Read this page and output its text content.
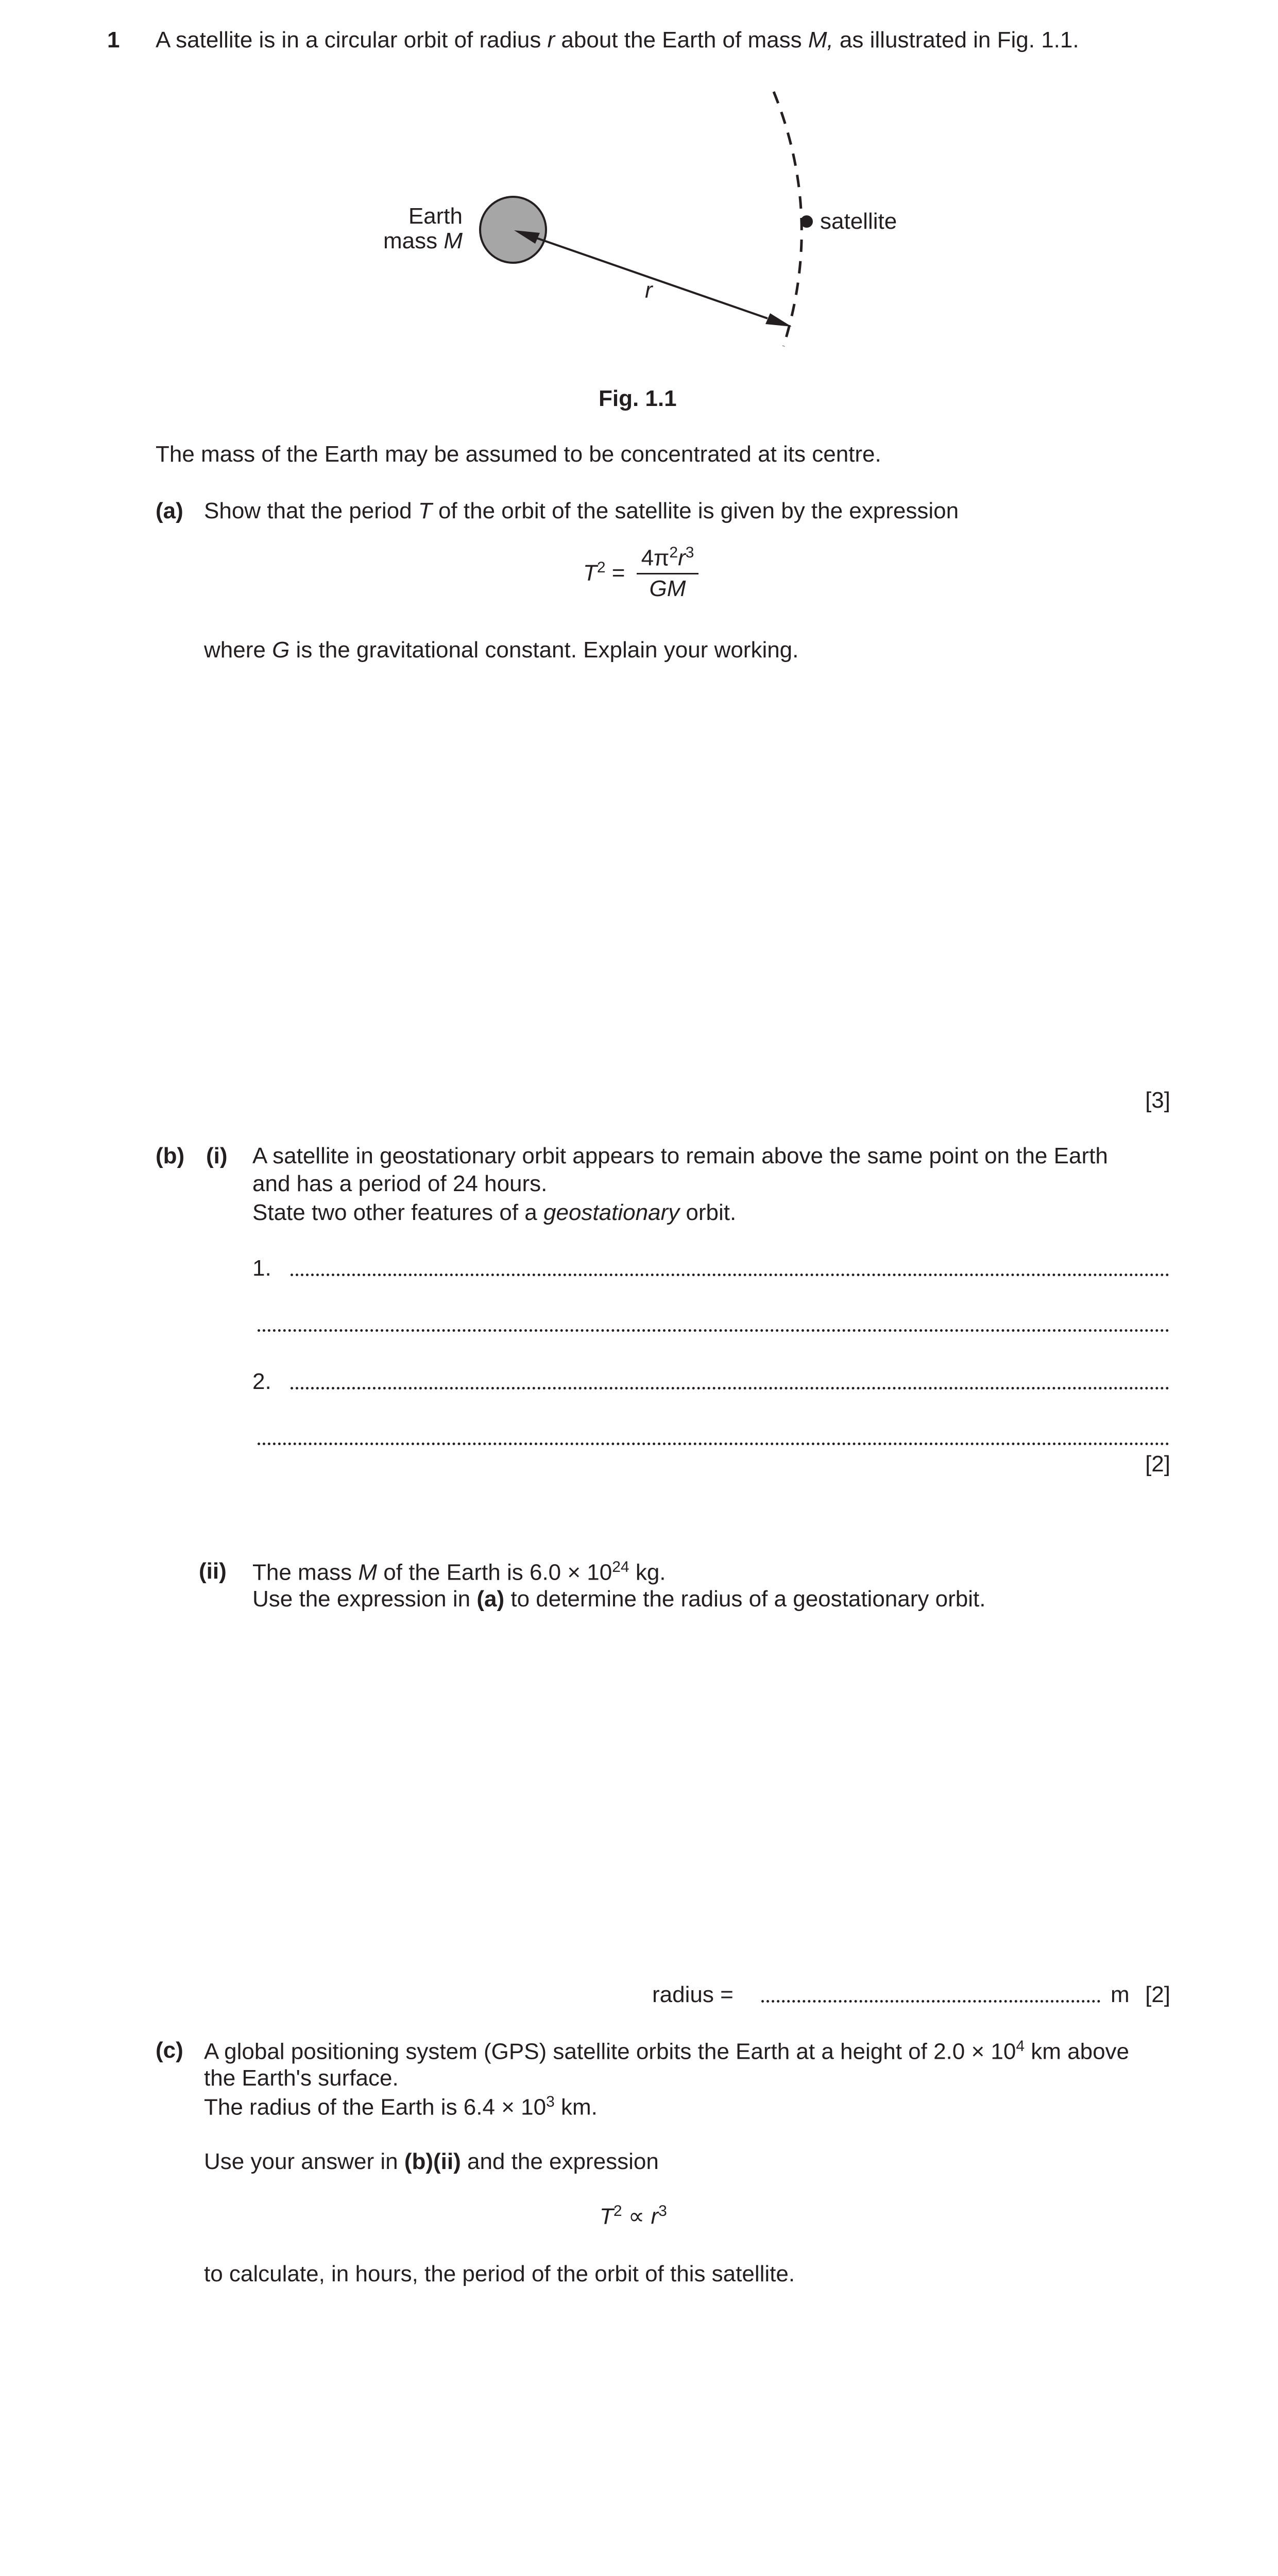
1 A satellite is in a circular orbit of radius r about the Earth of mass M, as illustrated in Fig. 1.1.
Earth
mass M
r
satellite
Fig. 1.1
The mass of the Earth may be assumed to be concentrated at its centre.
(a) Show that the period T of the orbit of the satellite is given by the expression
$T^2 = \frac{4\pi^2r^3}{GM}$
where G is the gravitational constant. Explain your working.
[3]
(b) (i) A satellite in geostationary orbit appears to remain above the same point on the Earth
and has a period of 24 hours.
State two other features of a geostationary orbit.
1.
2.
[2]
(ii) The mass M of the Earth is $6.0 \times 10^{24}$ kg.
Use the expression in (a) to determine the radius of a geostationary orbit.
radius =	m [2]
(c) A global positioning system (GPS) satellite orbits the Earth at a height of $2.0 \times 10^4$ km above
the Earth's surface.
The radius of the Earth is $6.4 \times 10^3$ km.
Use your answer in (b)(ii) and the expression
$T^2 \propto r^3$
to calculate, in hours, the period of the orbit of this satellite.
